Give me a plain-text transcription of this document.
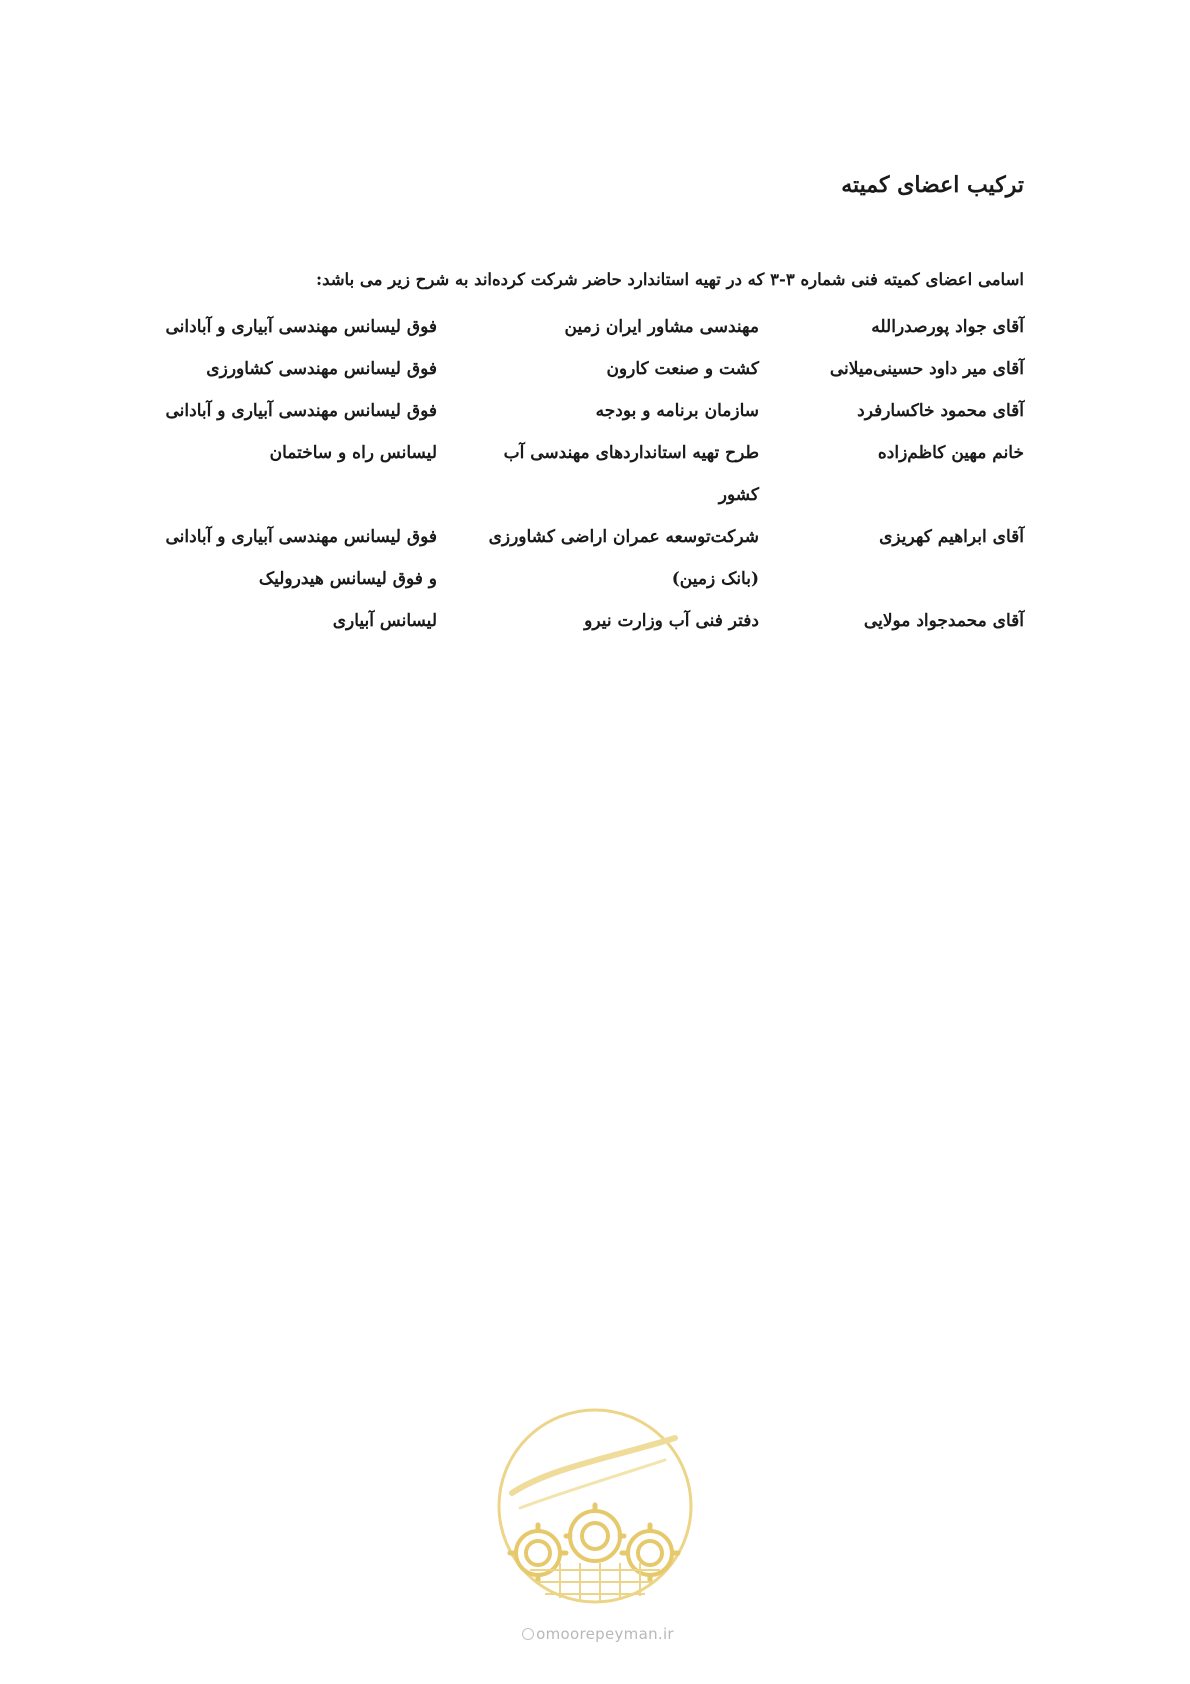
ترکیب اعضای کمیته
اسامی اعضای کمیته فنی شماره ۳-۳ که در تهیه استاندارد حاضر شرکت کرده‌اند به شرح زیر می باشد:
آقای جواد پورصدرالله
مهندسی مشاور ایران زمین
فوق لیسانس مهندسی آبیاری و آبادانی
آقای میر داود حسینی‌میلانی
کشت و صنعت کارون
فوق لیسانس مهندسی کشاورزی
آقای محمود خاکسارفرد
سازمان برنامه و بودجه
فوق لیسانس مهندسی آبیاری و آبادانی
خانم مهین کاظم‌زاده
طرح تهیه استانداردهای مهندسی آب
لیسانس راه و ساختمان
کشور
آقای ابراهیم کهریزی
شرکت‌توسعه عمران اراضی کشاورزی
فوق لیسانس مهندسی آبیاری و آبادانی
(بانک زمین)
و فوق لیسانس هیدرولیک
آقای محمدجواد مولایی
دفتر فنی آب وزارت نیرو
لیسانس آبیاری
omoorepeyman.ir
